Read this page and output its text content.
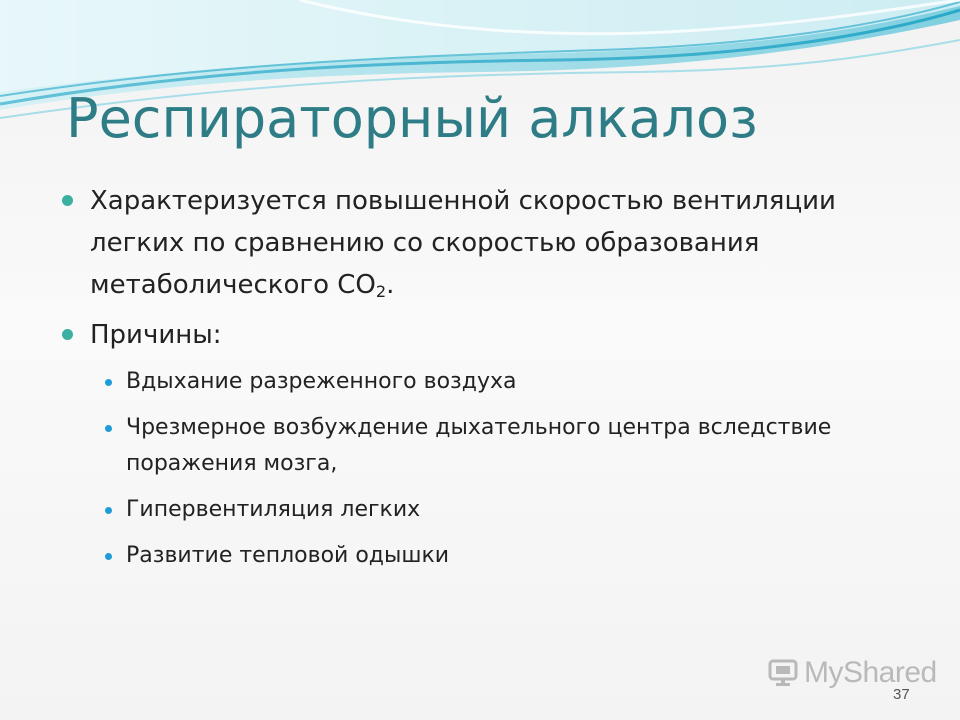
Респираторный алкалоз
Характеризуется повышенной скоростью вентиляции легких по сравнению со скоростью образования метаболического $CO_2$.
Причины:
Вдыхание разреженного воздуха
Чрезмерное возбуждение дыхательного центра вследствие поражения мозга,
Гипервентиляция легких
Развитие тепловой одышки
MyShared
37
